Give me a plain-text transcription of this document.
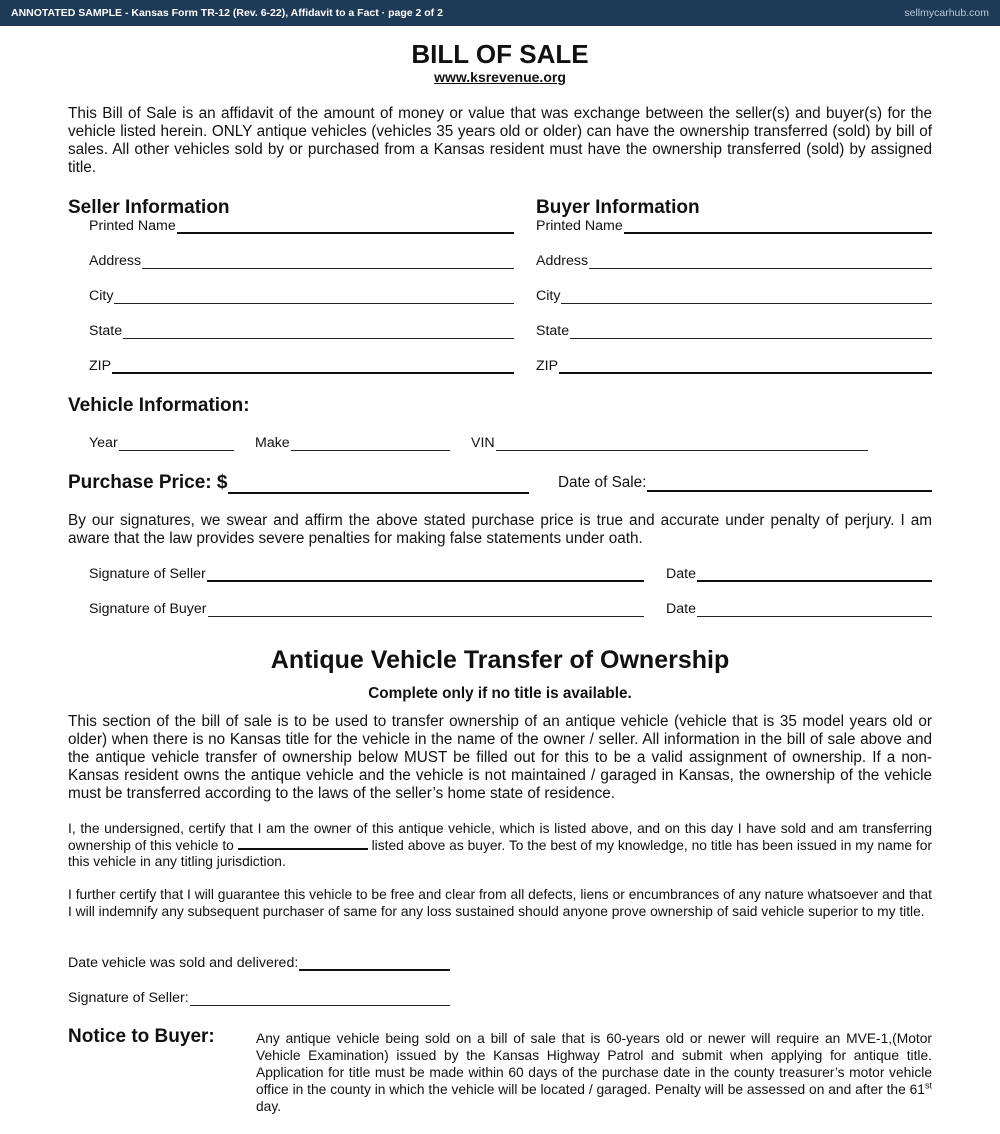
ANNOTATED SAMPLE - Kansas Form TR-12 (Rev. 6-22), Affidavit to a Fact · page 2 of 2	sellmycarhub.com
BILL OF SALE
www.ksrevenue.org
This Bill of Sale is an affidavit of the amount of money or value that was exchange between the seller(s) and buyer(s) for the vehicle listed herein. ONLY antique vehicles (vehicles 35 years old or older) can have the ownership transferred (sold) by bill of sales. All other vehicles sold by or purchased from a Kansas resident must have the ownership transferred (sold) by assigned title.
Seller Information	Buyer Information
Printed Name
Address
City
State
ZIP
Printed Name
Address
City
State
ZIP
Vehicle Information:
Year	Make	VIN
Purchase Price: $	Date of Sale:
By our signatures, we swear and affirm the above stated purchase price is true and accurate under penalty of perjury. I am aware that the law provides severe penalties for making false statements under oath.
Signature of Seller	Date
Signature of Buyer	Date
Antique Vehicle Transfer of Ownership
Complete only if no title is available.
This section of the bill of sale is to be used to transfer ownership of an antique vehicle (vehicle that is 35 model years old or older) when there is no Kansas title for the vehicle in the name of the owner / seller. All information in the bill of sale above and the antique vehicle transfer of ownership below MUST be filled out for this to be a valid assignment of ownership. If a non-Kansas resident owns the antique vehicle and the vehicle is not maintained / garaged in Kansas, the ownership of the vehicle must be transferred according to the laws of the seller’s home state of residence.
I, the undersigned, certify that I am the owner of this antique vehicle, which is listed above, and on this day I have sold and am transferring ownership of this vehicle to	listed above as buyer. To the best of my knowledge, no title has been issued in my name for this vehicle in any titling jurisdiction.
I further certify that I will guarantee this vehicle to be free and clear from all defects, liens or encumbrances of any nature whatsoever and that I will indemnify any subsequent purchaser of same for any loss sustained should anyone prove ownership of said vehicle superior to my title.
Date vehicle was sold and delivered:
Signature of Seller:
Notice to Buyer:	Any antique vehicle being sold on a bill of sale that is 60-years old or newer will require an MVE-1,(Motor Vehicle Examination) issued by the Kansas Highway Patrol and submit when applying for antique title. Application for title must be made within 60 days of the purchase date in the county treasurer’s motor vehicle office in the county in which the vehicle will be located / garaged. Penalty will be assessed on and after the 61st day.
